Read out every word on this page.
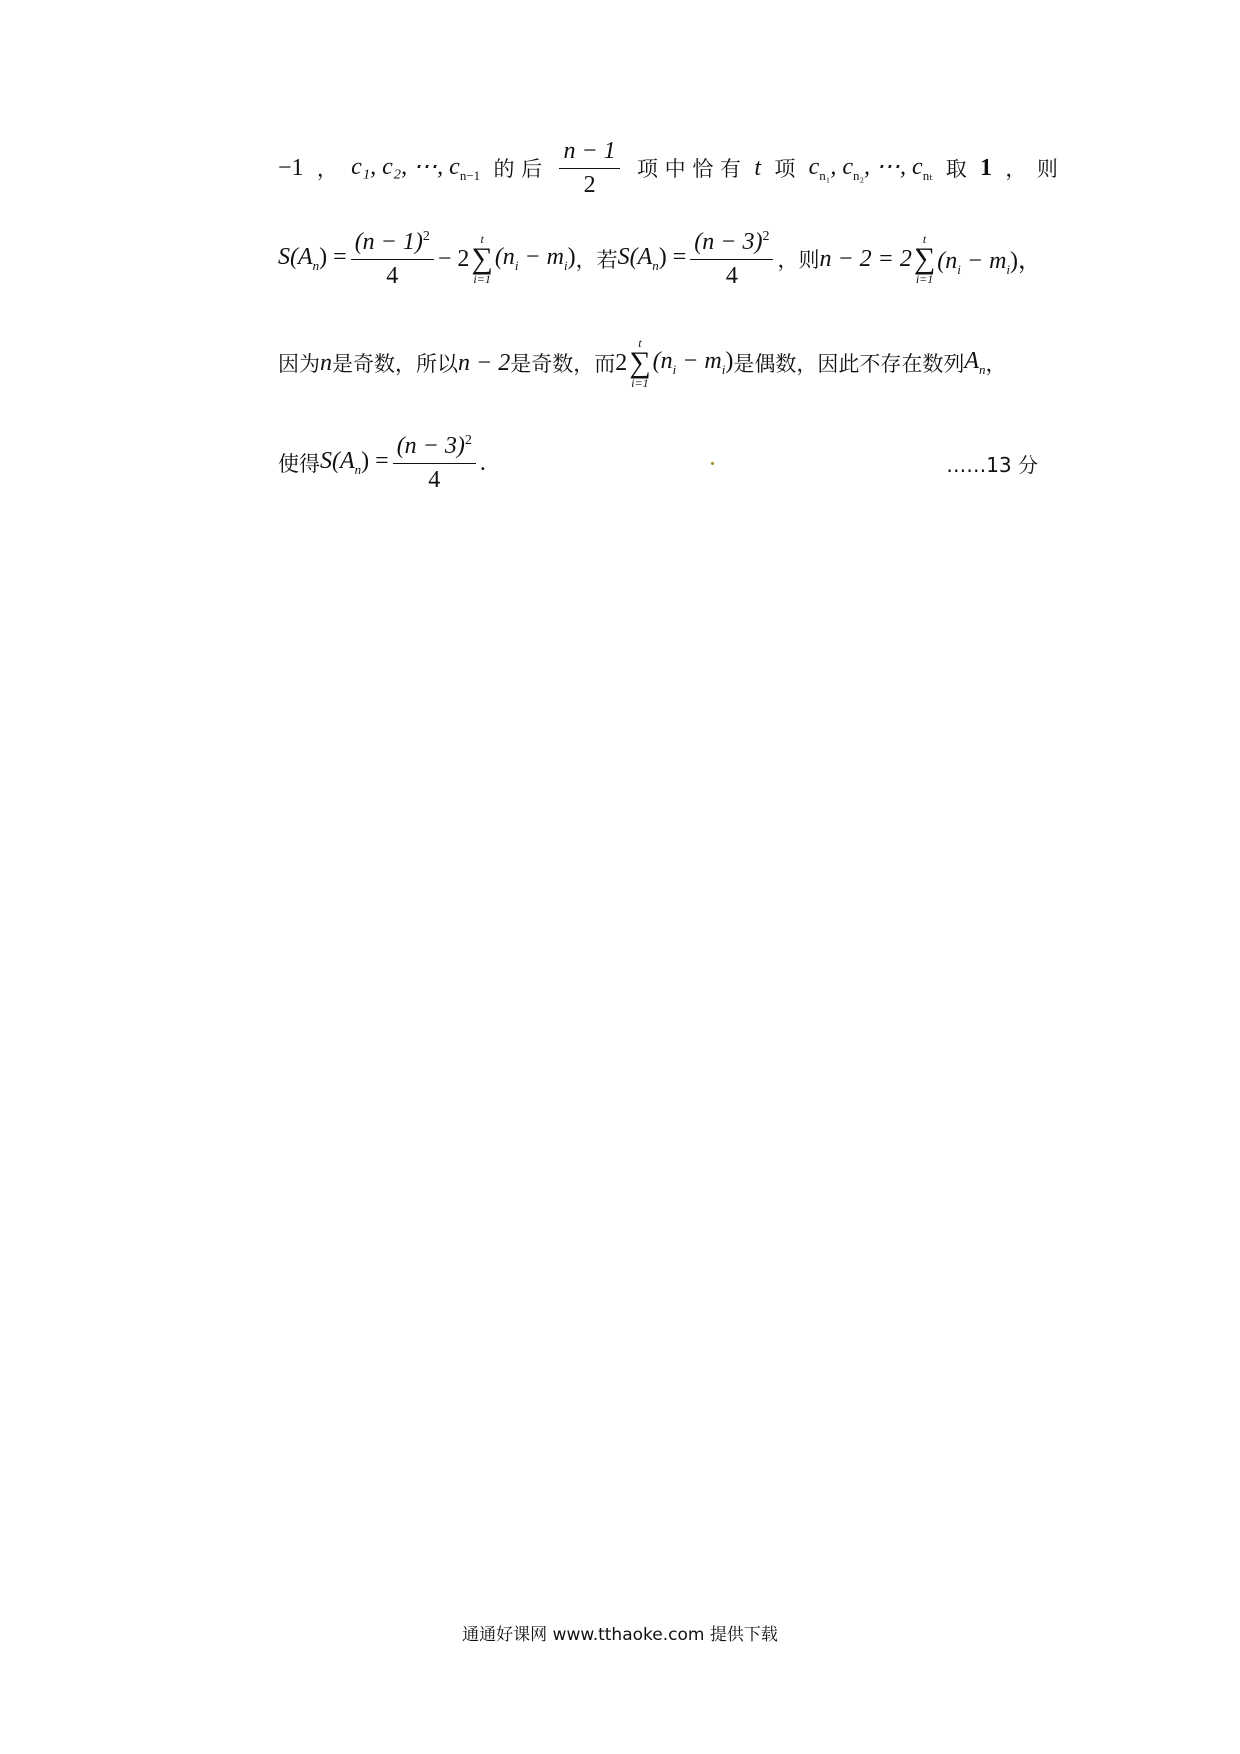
−1 ， c₁, c₂, ⋯, $c_{n-1}$ 的 后 $\frac{n - 1}{2}$ 项 中 恰 有 t 项 $c_{n_1}$, $c_{n_2}$, ⋯, $c_{n_t}$ 取 1 ，　则
$S(A_n) = \frac{(n - 1)^2}{4} - 2$
t
∑
i=1
$(n_i - m_i)$ ，若 $S(A_n) = \frac{(n - 3)^2}{4}$ ，则 n − 2 = 2
t
∑
i=1
$(n_i - m_i)$，
因为 n 是奇数，所以 n − 2 是奇数，而 2
t
∑
i=1
$(n_i - m_i)$ 是偶数，因此不存在数列 $A_n$ ，
使得 $S(A_n) = \frac{(n - 3)^2}{4}$ .	……13 分
通通好课网 www.tthaoke.com 提供下载
